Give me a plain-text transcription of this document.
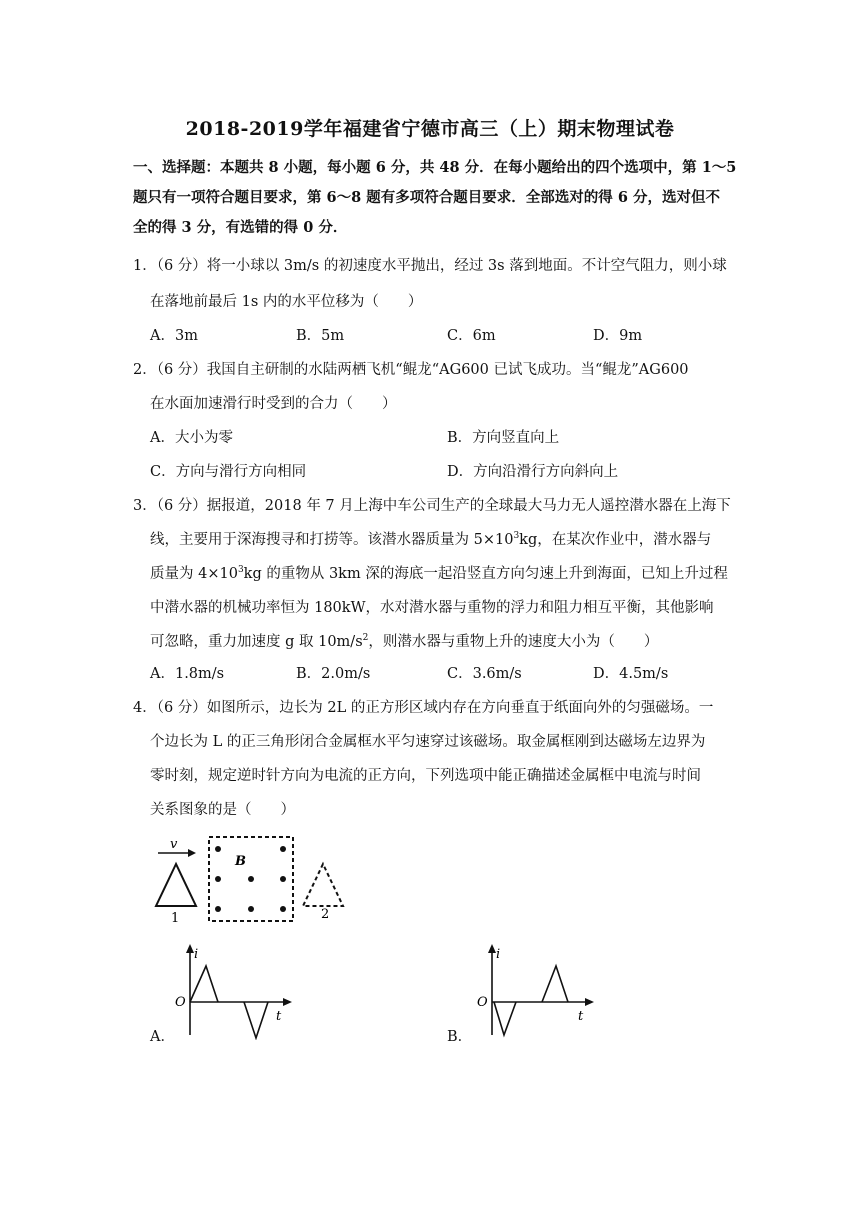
2018-2019学年福建省宁德市高三（上）期末物理试卷
一、选择题：本题共 8 小题，每小题 6 分，共 48 分．在每小题给出的四个选项中，第 1～5
题只有一项符合题目要求，第 6～8 题有多项符合题目要求．全部选对的得 6 分，选对但不
全的得 3 分，有选错的得 0 分．
1．（6 分）将一小球以 3m/s 的初速度水平抛出，经过 3s 落到地面。不计空气阻力，则小球
在落地前最后 1s 内的水平位移为（　　）
A．3m	B．5m	C．6m	D．9m
2．（6 分）我国自主研制的水陆两栖飞机“鲲龙“AG600 已试飞成功。当“鲲龙”AG600
在水面加速滑行时受到的合力（　　）
A．大小为零	B．方向竖直向上
C．方向与滑行方向相同	D．方向沿滑行方向斜向上
3．（6 分）据报道，2018 年 7 月上海中车公司生产的全球最大马力无人遥控潜水器在上海下
线，主要用于深海搜寻和打捞等。该潜水器质量为 $5\times 10^3kg$，在某次作业中，潜水器与
质量为 $4\times 10^3kg$ 的重物从 3km 深的海底一起沿竖直方向匀速上升到海面，已知上升过程
中潜水器的机械功率恒为 180kW，水对潜水器与重物的浮力和阻力相互平衡，其他影响
可忽略，重力加速度 g 取 $10m/s^2$，则潜水器与重物上升的速度大小为（　　）
A．1.8m/s	B．2.0m/s	C．3.6m/s	D．4.5m/s
4．（6 分）如图所示，边长为 2L 的正方形区域内存在方向垂直于纸面向外的匀强磁场。一
个边长为 L 的正三角形闭合金属框水平匀速穿过该磁场。取金属框刚到达磁场左边界为
零时刻，规定逆时针方向为电流的正方向，下列选项中能正确描述金属框中电流与时间
关系图象的是（　　）
v
1
B
2
i
O
t
A．
i
O
t
B．
